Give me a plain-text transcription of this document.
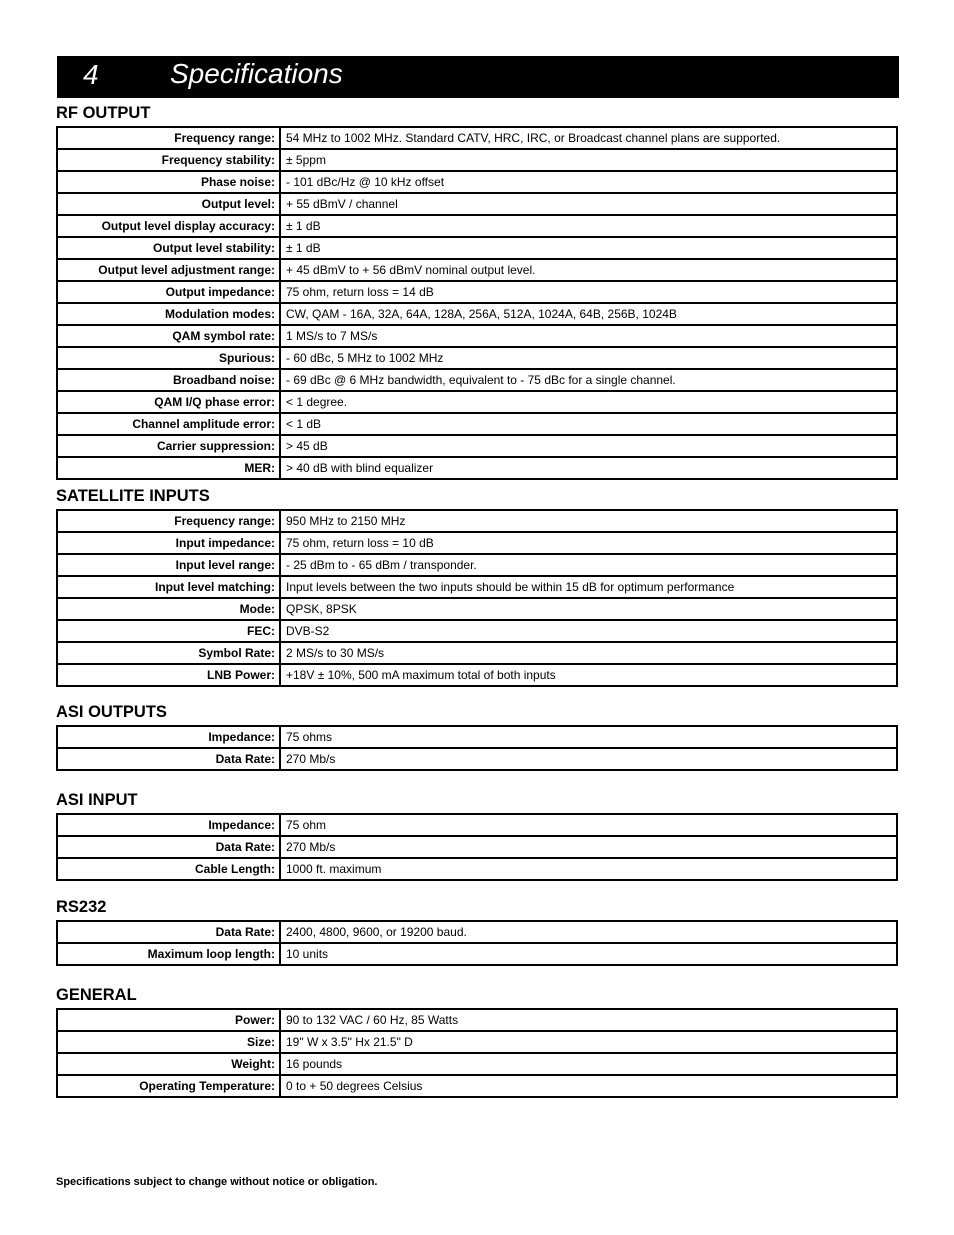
4	Specifications
RF OUTPUT
Frequency range:	54 MHz to 1002 MHz. Standard CATV, HRC, IRC, or Broadcast channel plans are supported.
Frequency stability:	± 5ppm
Phase noise:	- 101 dBc/Hz @ 10 kHz offset
Output level:	+ 55 dBmV / channel
Output level display accuracy:	± 1 dB
Output level stability:	± 1 dB
Output level adjustment range:	+ 45 dBmV to + 56 dBmV nominal output level.
Output impedance:	75 ohm, return loss = 14 dB
Modulation modes:	CW, QAM - 16A, 32A, 64A, 128A, 256A, 512A, 1024A, 64B, 256B, 1024B
QAM symbol rate:	1 MS/s to 7 MS/s
Spurious:	- 60 dBc, 5 MHz to 1002 MHz
Broadband noise:	- 69 dBc @ 6 MHz bandwidth, equivalent to - 75 dBc for a single channel.
QAM I/Q phase error:	< 1 degree.
Channel amplitude error:	< 1 dB
Carrier suppression:	> 45 dB
MER:	> 40 dB with blind equalizer
SATELLITE INPUTS
Frequency range:	950 MHz to 2150 MHz
Input impedance:	75 ohm, return loss = 10 dB
Input level range:	- 25 dBm to - 65 dBm / transponder.
Input level matching:	Input levels between the two inputs should be within 15 dB for optimum performance
Mode:	QPSK, 8PSK
FEC:	DVB-S2
Symbol Rate:	2 MS/s to 30 MS/s
LNB Power:	+18V ± 10%, 500 mA maximum total of both inputs
ASI OUTPUTS
Impedance:	75 ohms
Data Rate:	270 Mb/s
ASI INPUT
Impedance:	75 ohm
Data Rate:	270 Mb/s
Cable Length:	1000 ft. maximum
RS232
Data Rate:	2400, 4800, 9600, or 19200 baud.
Maximum loop length:	10 units
GENERAL
Power:	90 to 132 VAC / 60 Hz, 85 Watts
Size:	19" W x 3.5" Hx 21.5" D
Weight:	16 pounds
Operating Temperature:	0 to + 50 degrees Celsius
Specifications subject to change without notice or obligation.
